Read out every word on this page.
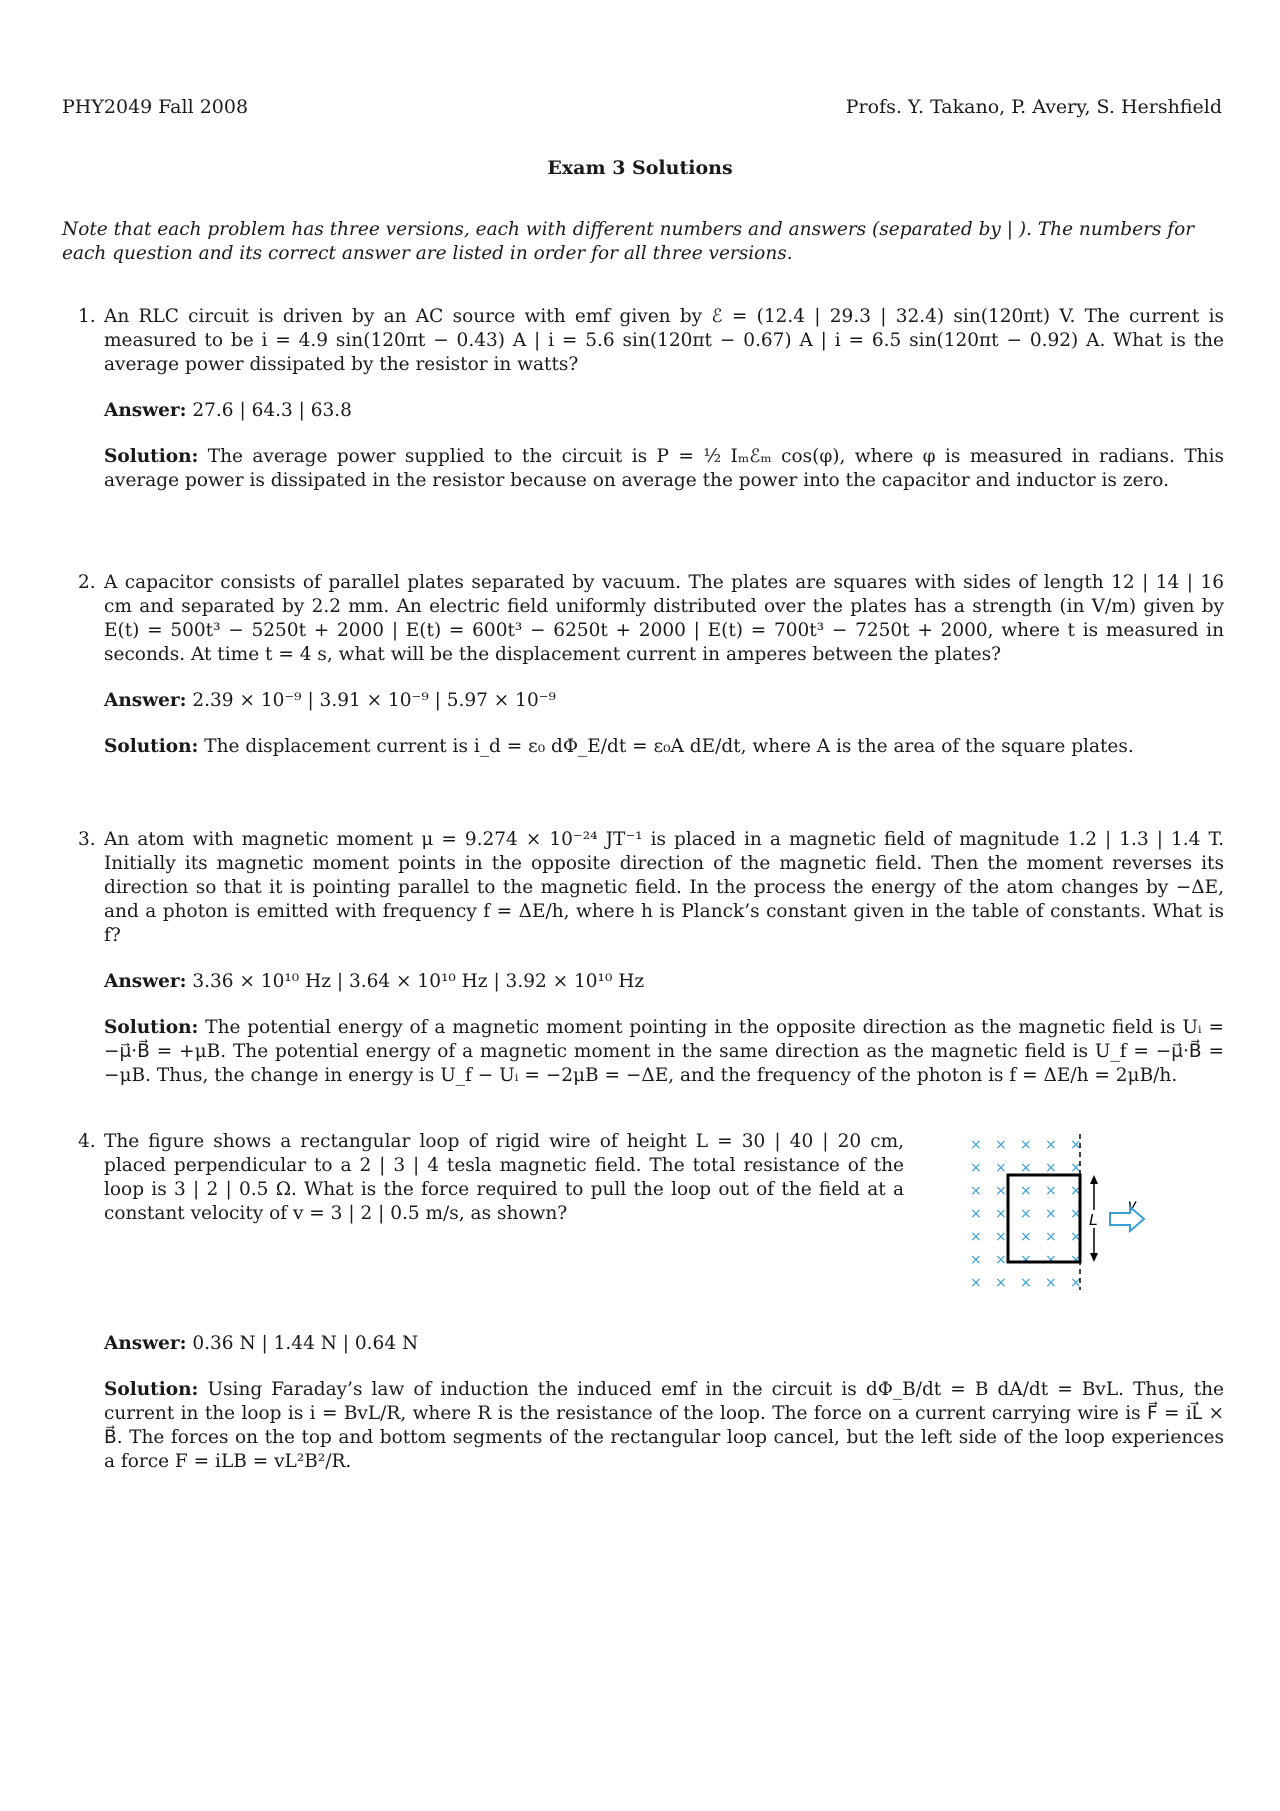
PHY2049 Fall 2008	Profs. Y. Takano, P. Avery, S. Hershfield
Exam 3 Solutions
Note that each problem has three versions, each with different numbers and answers (separated by | ). The numbers for each question and its correct answer are listed in order for all three versions.
1. An RLC circuit is driven by an AC source with emf given by ℰ = (12.4 | 29.3 | 32.4) sin(120πt) V. The current is measured to be i = 4.9 sin(120πt − 0.43) A | i = 5.6 sin(120πt − 0.67) A | i = 6.5 sin(120πt − 0.92) A. What is the average power dissipated by the resistor in watts?
Answer: 27.6 | 64.3 | 63.8
Solution: The average power supplied to the circuit is P = ½ Iₘℰₘ cos(φ), where φ is measured in radians. This average power is dissipated in the resistor because on average the power into the capacitor and inductor is zero.
2. A capacitor consists of parallel plates separated by vacuum. The plates are squares with sides of length 12 | 14 | 16 cm and separated by 2.2 mm. An electric field uniformly distributed over the plates has a strength (in V/m) given by E(t) = 500t³ − 5250t + 2000 | E(t) = 600t³ − 6250t + 2000 | E(t) = 700t³ − 7250t + 2000, where t is measured in seconds. At time t = 4 s, what will be the displacement current in amperes between the plates?
Answer: 2.39 × 10⁻⁹ | 3.91 × 10⁻⁹ | 5.97 × 10⁻⁹
Solution: The displacement current is i_d = ε₀ dΦ_E/dt = ε₀A dE/dt, where A is the area of the square plates.
3. An atom with magnetic moment μ = 9.274 × 10⁻²⁴ JT⁻¹ is placed in a magnetic field of magnitude 1.2 | 1.3 | 1.4 T. Initially its magnetic moment points in the opposite direction of the magnetic field. Then the moment reverses its direction so that it is pointing parallel to the magnetic field. In the process the energy of the atom changes by −ΔE, and a photon is emitted with frequency f = ΔE/h, where h is Planck’s constant given in the table of constants. What is f?
Answer: 3.36 × 10¹⁰ Hz | 3.64 × 10¹⁰ Hz | 3.92 × 10¹⁰ Hz
Solution: The potential energy of a magnetic moment pointing in the opposite direction as the magnetic field is Uᵢ = −μ⃗·B⃗ = +μB. The potential energy of a magnetic moment in the same direction as the magnetic field is U_f = −μ⃗·B⃗ = −μB. Thus, the change in energy is U_f − Uᵢ = −2μB = −ΔE, and the frequency of the photon is f = ΔE/h = 2μB/h.
4. The figure shows a rectangular loop of rigid wire of height L = 30 | 40 | 20 cm, placed perpendicular to a 2 | 3 | 4 tesla magnetic field. The total resistance of the loop is 3 | 2 | 0.5 Ω. What is the force required to pull the loop out of the field at a constant velocity of v = 3 | 2 | 0.5 m/s, as shown?
Answer: 0.36 N | 1.44 N | 0.64 N
Solution: Using Faraday’s law of induction the induced emf in the circuit is dΦ_B/dt = B dA/dt = BvL. Thus, the current in the loop is i = BvL/R, where R is the resistance of the loop. The force on a current carrying wire is F⃗ = iL⃗ × B⃗. The forces on the top and bottom segments of the rectangular loop cancel, but the left side of the loop experiences a force F = iLB = vL²B²/R.
× × × × ×
× × × × ×
× × × × ×
× × × × ×
× × × × ×
× × × × ×
× × × × ×
L
v
